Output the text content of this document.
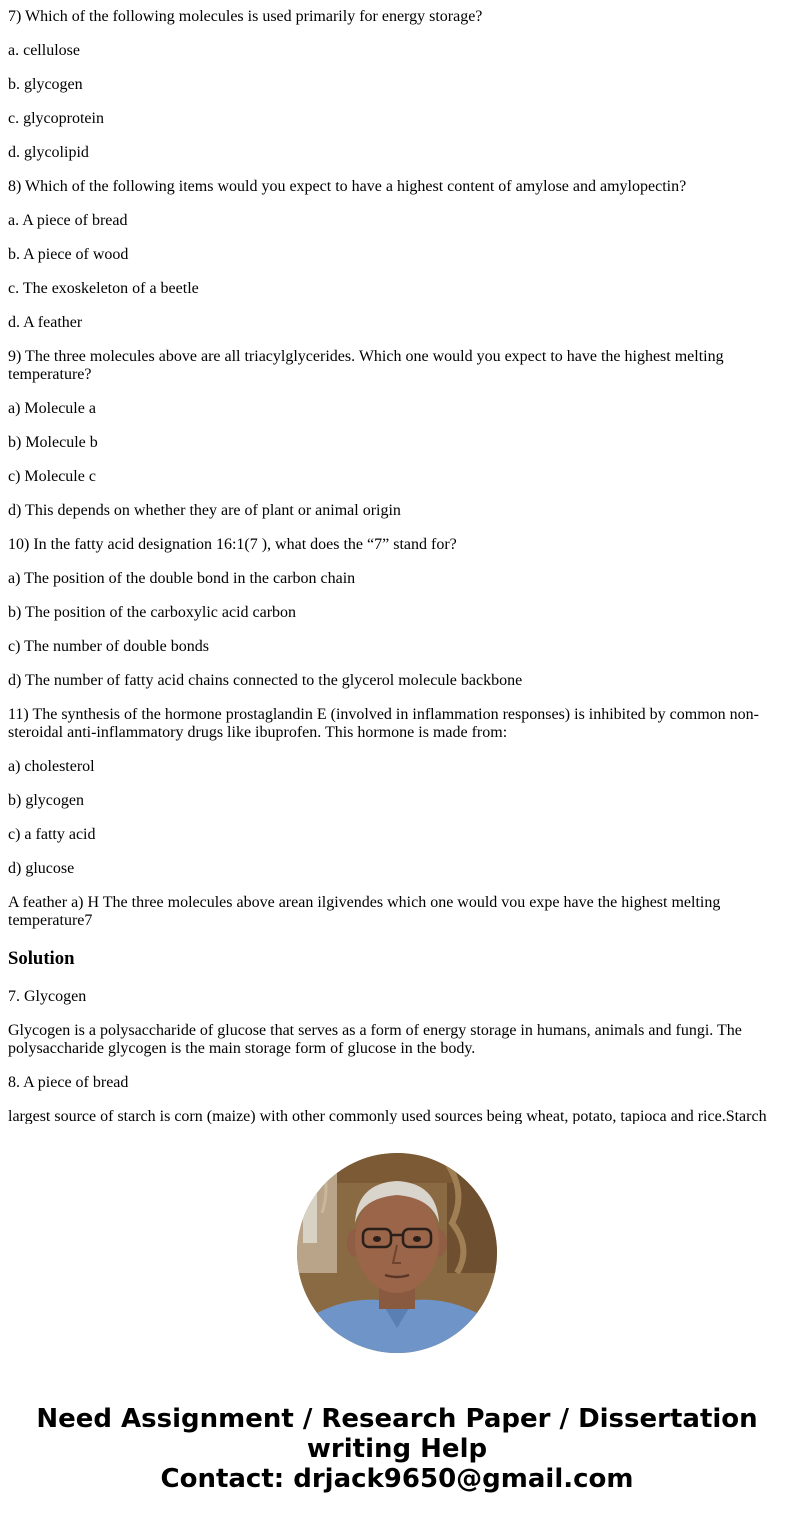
7) Which of the following molecules is used primarily for energy storage?

a. cellulose

b. glycogen

c. glycoprotein

d. glycolipid

8) Which of the following items would you expect to have a highest content of amylose and amylopectin?

a. A piece of bread

b. A piece of wood

c. The exoskeleton of a beetle

d. A feather

9) The three molecules above are all triacylglycerides. Which one would you expect to have the highest melting temperature?

a) Molecule a

b) Molecule b

c) Molecule c

d) This depends on whether they are of plant or animal origin

10) In the fatty acid designation 16:1(7 ), what does the “7” stand for?

a) The position of the double bond in the carbon chain

b) The position of the carboxylic acid carbon

c) The number of double bonds

d) The number of fatty acid chains connected to the glycerol molecule backbone

11) The synthesis of the hormone prostaglandin E (involved in inflammation responses) is inhibited by common non-steroidal anti-inflammatory drugs like ibuprofen. This hormone is made from:

a) cholesterol

b) glycogen

c) a fatty acid

d) glucose

A feather a) H The three molecules above arean ilgivendes which one would vou expe have the highest melting temperature7

Solution

7. Glycogen

Glycogen is a polysaccharide of glucose that serves as a form of energy storage in humans, animals and fungi. The polysaccharide glycogen is the main storage form of glucose in the body.

8. A piece of bread

largest source of starch is corn (maize) with other commonly used sources being wheat, potato, tapioca and rice.Starch

Need Assignment / Research Paper / Dissertation writing Help
Contact: drjack9650@gmail.com
